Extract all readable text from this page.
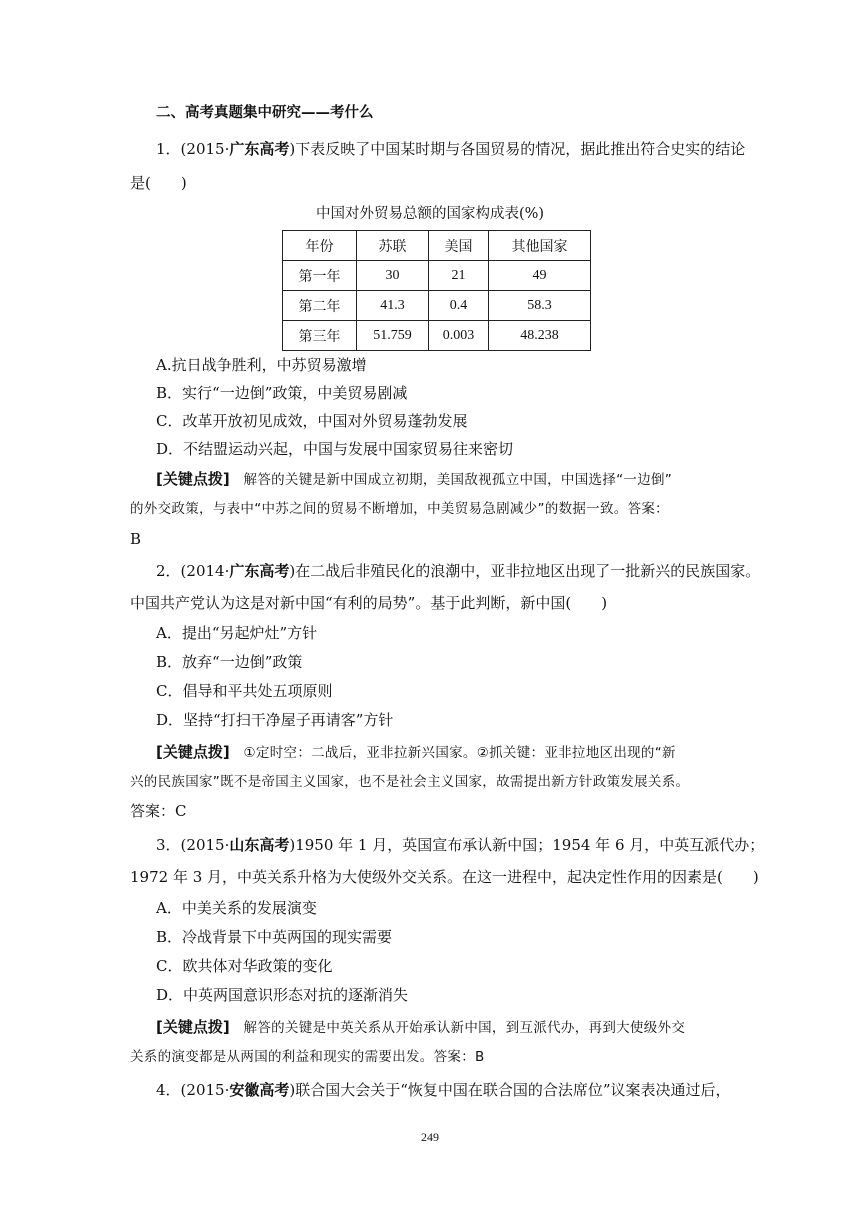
二、高考真题集中研究——考什么
1．(2015·广东高考)下表反映了中国某时期与各国贸易的情况，据此推出符合史实的结论
是(　　)
中国对外贸易总额的国家构成表(%)
年份	苏联	美国	其他国家
第一年	30	21	49
第二年	41.3	0.4	58.3
第三年	51.759	0.003	48.238
A.抗日战争胜利，中苏贸易激增
B．实行“一边倒”政策，中美贸易剧减
C．改革开放初见成效，中国对外贸易蓬勃发展
D．不结盟运动兴起，中国与发展中国家贸易往来密切
[关键点拨]　解答的关键是新中国成立初期，美国敌视孤立中国，中国选择“一边倒”
的外交政策，与表中“中苏之间的贸易不断增加，中美贸易急剧减少”的数据一致。答案：
B
2．(2014·广东高考)在二战后非殖民化的浪潮中，亚非拉地区出现了一批新兴的民族国家。
中国共产党认为这是对新中国“有利的局势”。基于此判断，新中国(　　)
A．提出“另起炉灶”方针
B．放弃“一边倒”政策
C．倡导和平共处五项原则
D．坚持“打扫干净屋子再请客”方针
[关键点拨]　①定时空：二战后，亚非拉新兴国家。②抓关键：亚非拉地区出现的“新
兴的民族国家”既不是帝国主义国家，也不是社会主义国家，故需提出新方针政策发展关系。
答案：C
3．(2015·山东高考)1950 年 1 月，英国宣布承认新中国；1954 年 6 月，中英互派代办；
1972 年 3 月，中英关系升格为大使级外交关系。在这一进程中，起决定性作用的因素是(　　)
A．中美关系的发展演变
B．冷战背景下中英两国的现实需要
C．欧共体对华政策的变化
D．中英两国意识形态对抗的逐渐消失
[关键点拨]　解答的关键是中英关系从开始承认新中国，到互派代办，再到大使级外交
关系的演变都是从两国的利益和现实的需要出发。答案：B
4．(2015·安徽高考)联合国大会关于“恢复中国在联合国的合法席位”议案表决通过后，
249
